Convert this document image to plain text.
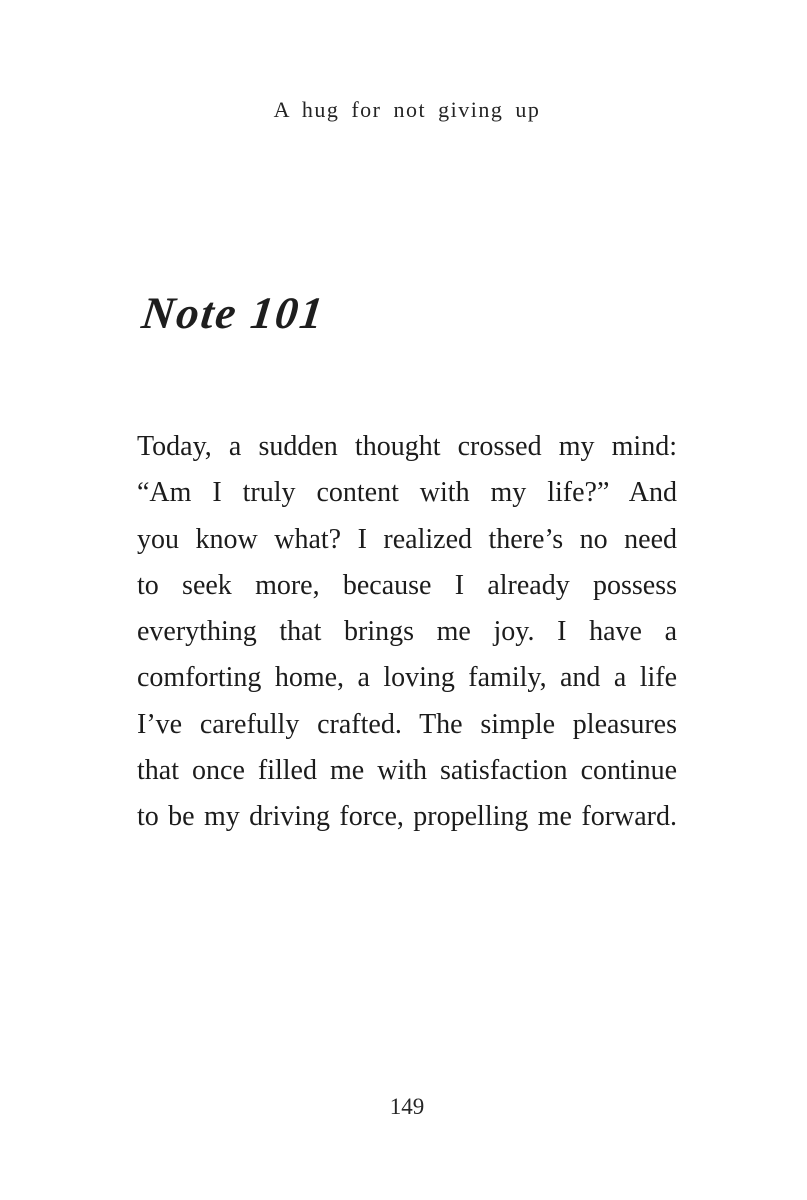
A hug for not giving up
Note 101
Today, a sudden thought crossed my mind:
“Am I truly content with my life?” And
you know what? I realized there’s no need
to seek more, because I already possess
everything that brings me joy. I have a
comforting home, a loving family, and a life
I’ve carefully crafted. The simple pleasures
that once filled me with satisfaction continue
to be my driving force, propelling me forward.
149
